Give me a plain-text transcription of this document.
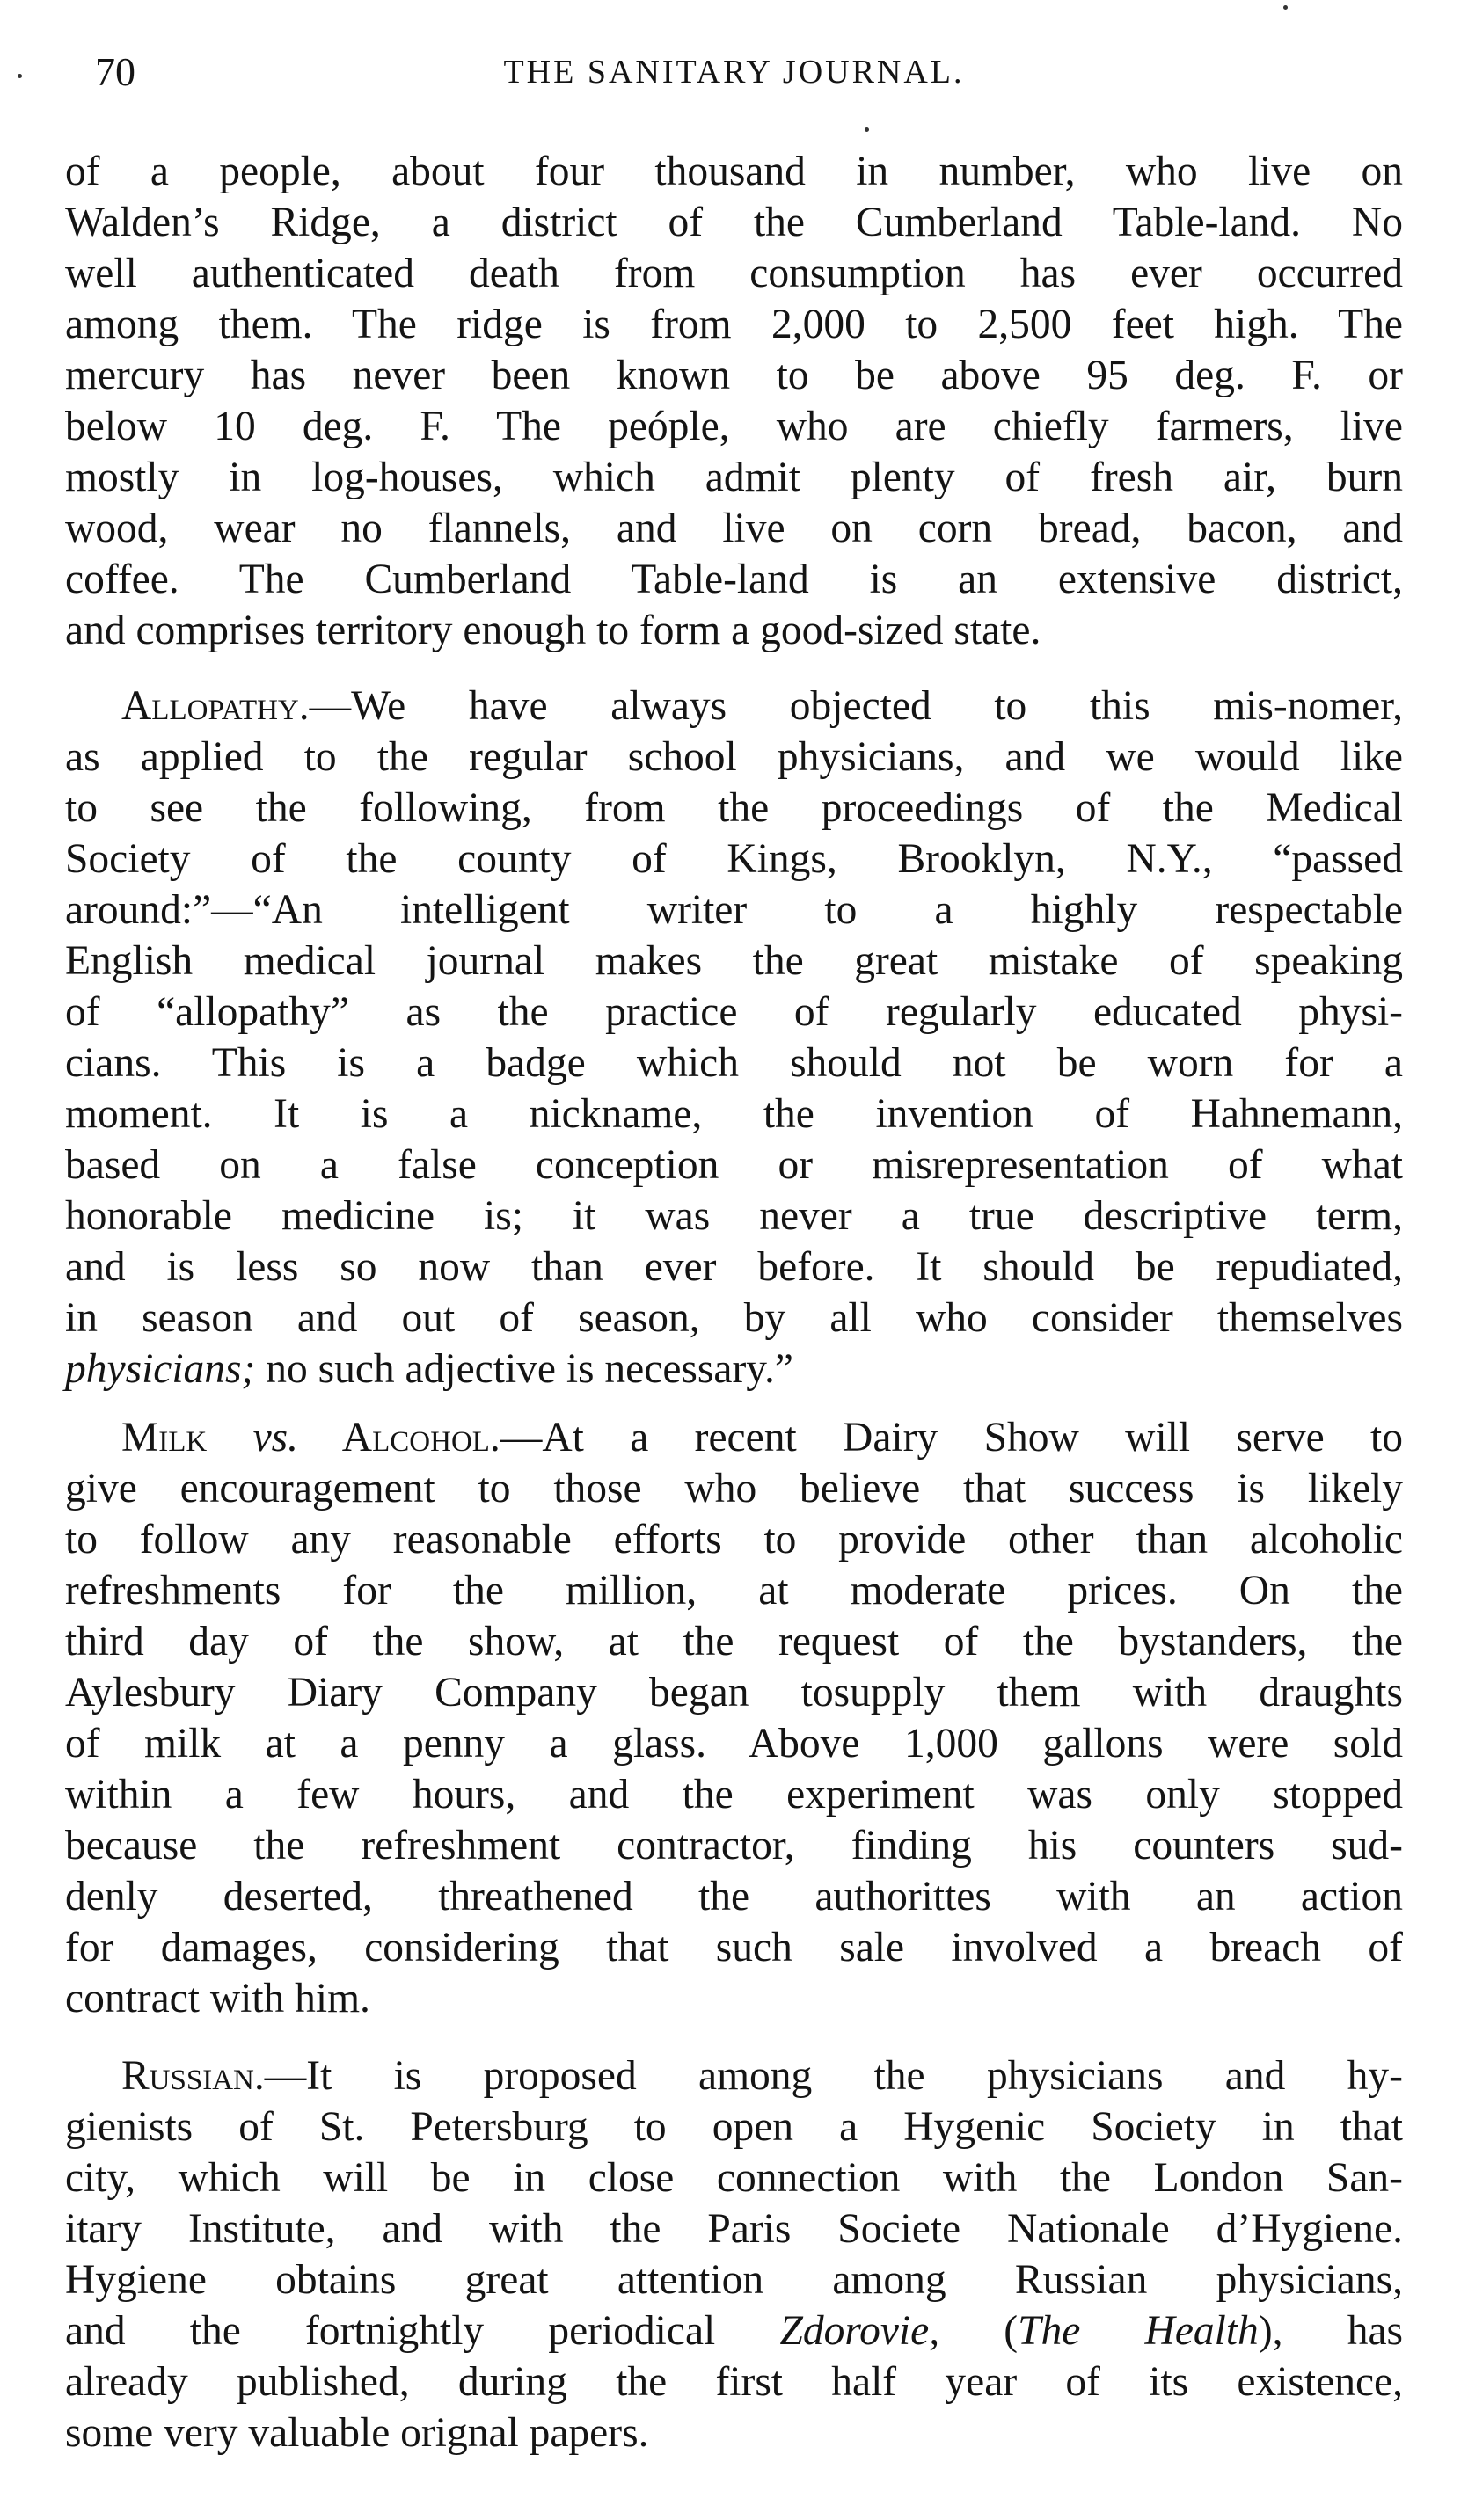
70	THE SANITARY JOURNAL.

of a people, about four thousand in number, who live on
Walden’s Ridge, a district of the Cumberland Table-land. No
well authenticated death from consumption has ever occurred
among them. The ridge is from 2,000 to 2,500 feet high. The
mercury has never been known to be above 95 deg. F. or
below 10 deg. F. The peóple, who are chiefly farmers, live
mostly in log-houses, which admit plenty of fresh air, burn
wood, wear no flannels, and live on corn bread, bacon, and
coffee. The Cumberland Table-land is an extensive district,
and comprises territory enough to form a good-sized state.

Allopathy.—We have always objected to this mis-nomer,
as applied to the regular school physicians, and we would like
to see the following, from the proceedings of the Medical
Society of the county of Kings, Brooklyn, N.Y., “passed
around:”—“An intelligent writer to a highly respectable
English medical journal makes the great mistake of speaking
of “allopathy” as the practice of regularly educated physi-
cians. This is a badge which should not be worn for a
moment. It is a nickname, the invention of Hahnemann,
based on a false conception or misrepresentation of what
honorable medicine is; it was never a true descriptive term,
and is less so now than ever before. It should be repudiated,
in season and out of season, by all who consider themselves
physicians; no such adjective is necessary.”

Milk vs. Alcohol.—At a recent Dairy Show will serve to
give encouragement to those who believe that success is likely
to follow any reasonable efforts to provide other than alcoholic
refreshments for the million, at moderate prices. On the
third day of the show, at the request of the bystanders, the
Aylesbury Diary Company began tosupply them with draughts
of milk at a penny a glass. Above 1,000 gallons were sold
within a few hours, and the experiment was only stopped
because the refreshment contractor, finding his counters sud-
denly deserted, threathened the authorittes with an action
for damages, considering that such sale involved a breach of
contract with him.

Russian.—It is proposed among the physicians and hy-
gienists of St. Petersburg to open a Hygenic Society in that
city, which will be in close connection with the London San-
itary Institute, and with the Paris Societe Nationale d’Hygiene.
Hygiene obtains great attention among Russian physicians,
and the fortnightly periodical Zdorovie, (The Health), has
already published, during the first half year of its existence,
some very valuable orignal papers.
